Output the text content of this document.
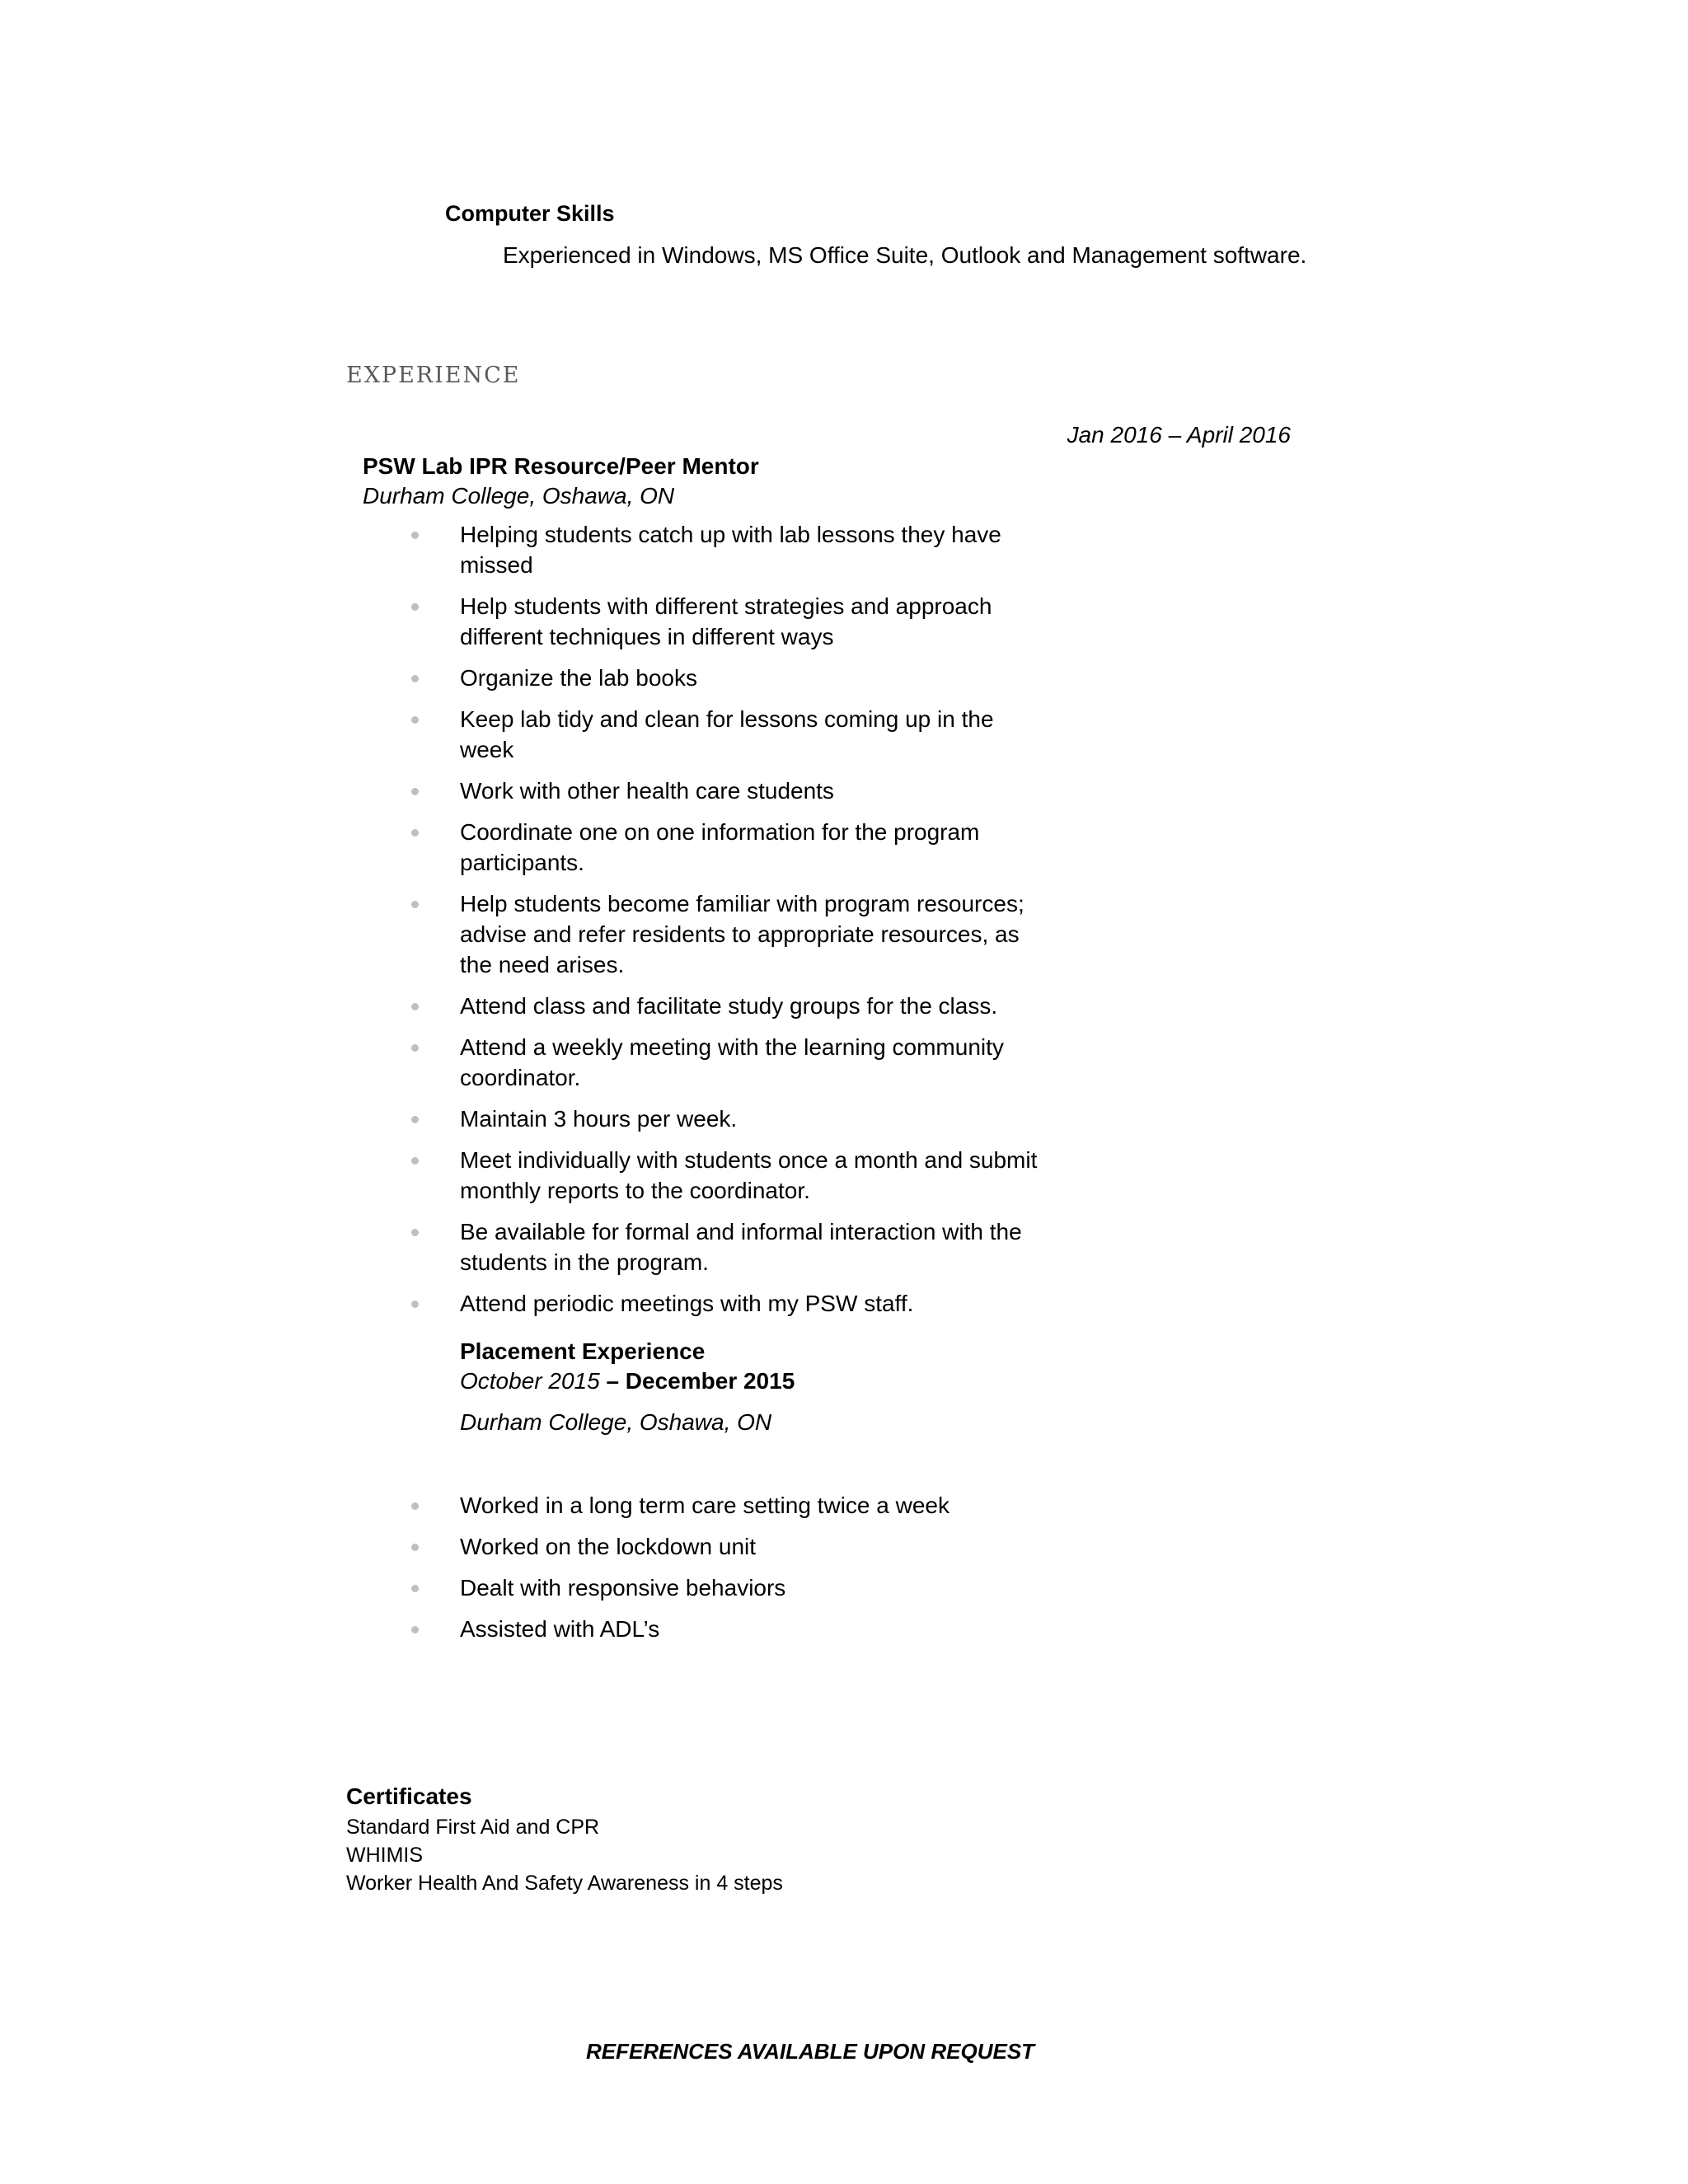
Computer Skills

Experienced in Windows, MS Office Suite, Outlook and Management software.

EXPERIENCE

Jan 2016 – April 2016

PSW Lab IPR Resource/Peer Mentor

Durham College, Oshawa, ON

Helping students catch up with lab lessons they have missed
Help students with different strategies and approach different techniques in different ways
Organize the lab books
Keep lab tidy and clean for lessons coming up in the week
Work with other health care students
Coordinate one on one information for the program participants.
Help students become familiar with program resources; advise and refer residents to appropriate resources, as the need arises.
Attend class and facilitate study groups for the class.
Attend a weekly meeting with the learning community coordinator.
Maintain 3 hours per week.
Meet individually with students once a month and submit monthly reports to the coordinator.
Be available for formal and informal interaction with the students in the program.
Attend periodic meetings with my PSW staff.

Placement Experience

October 2015 – December 2015

Durham College, Oshawa, ON

Worked in a long term care setting twice a week
Worked on the lockdown unit
Dealt with responsive behaviors
Assisted with ADL’s

Certificates

Standard First Aid and CPR
WHIMIS
Worker Health And Safety Awareness in 4 steps

REFERENCES AVAILABLE UPON REQUEST
